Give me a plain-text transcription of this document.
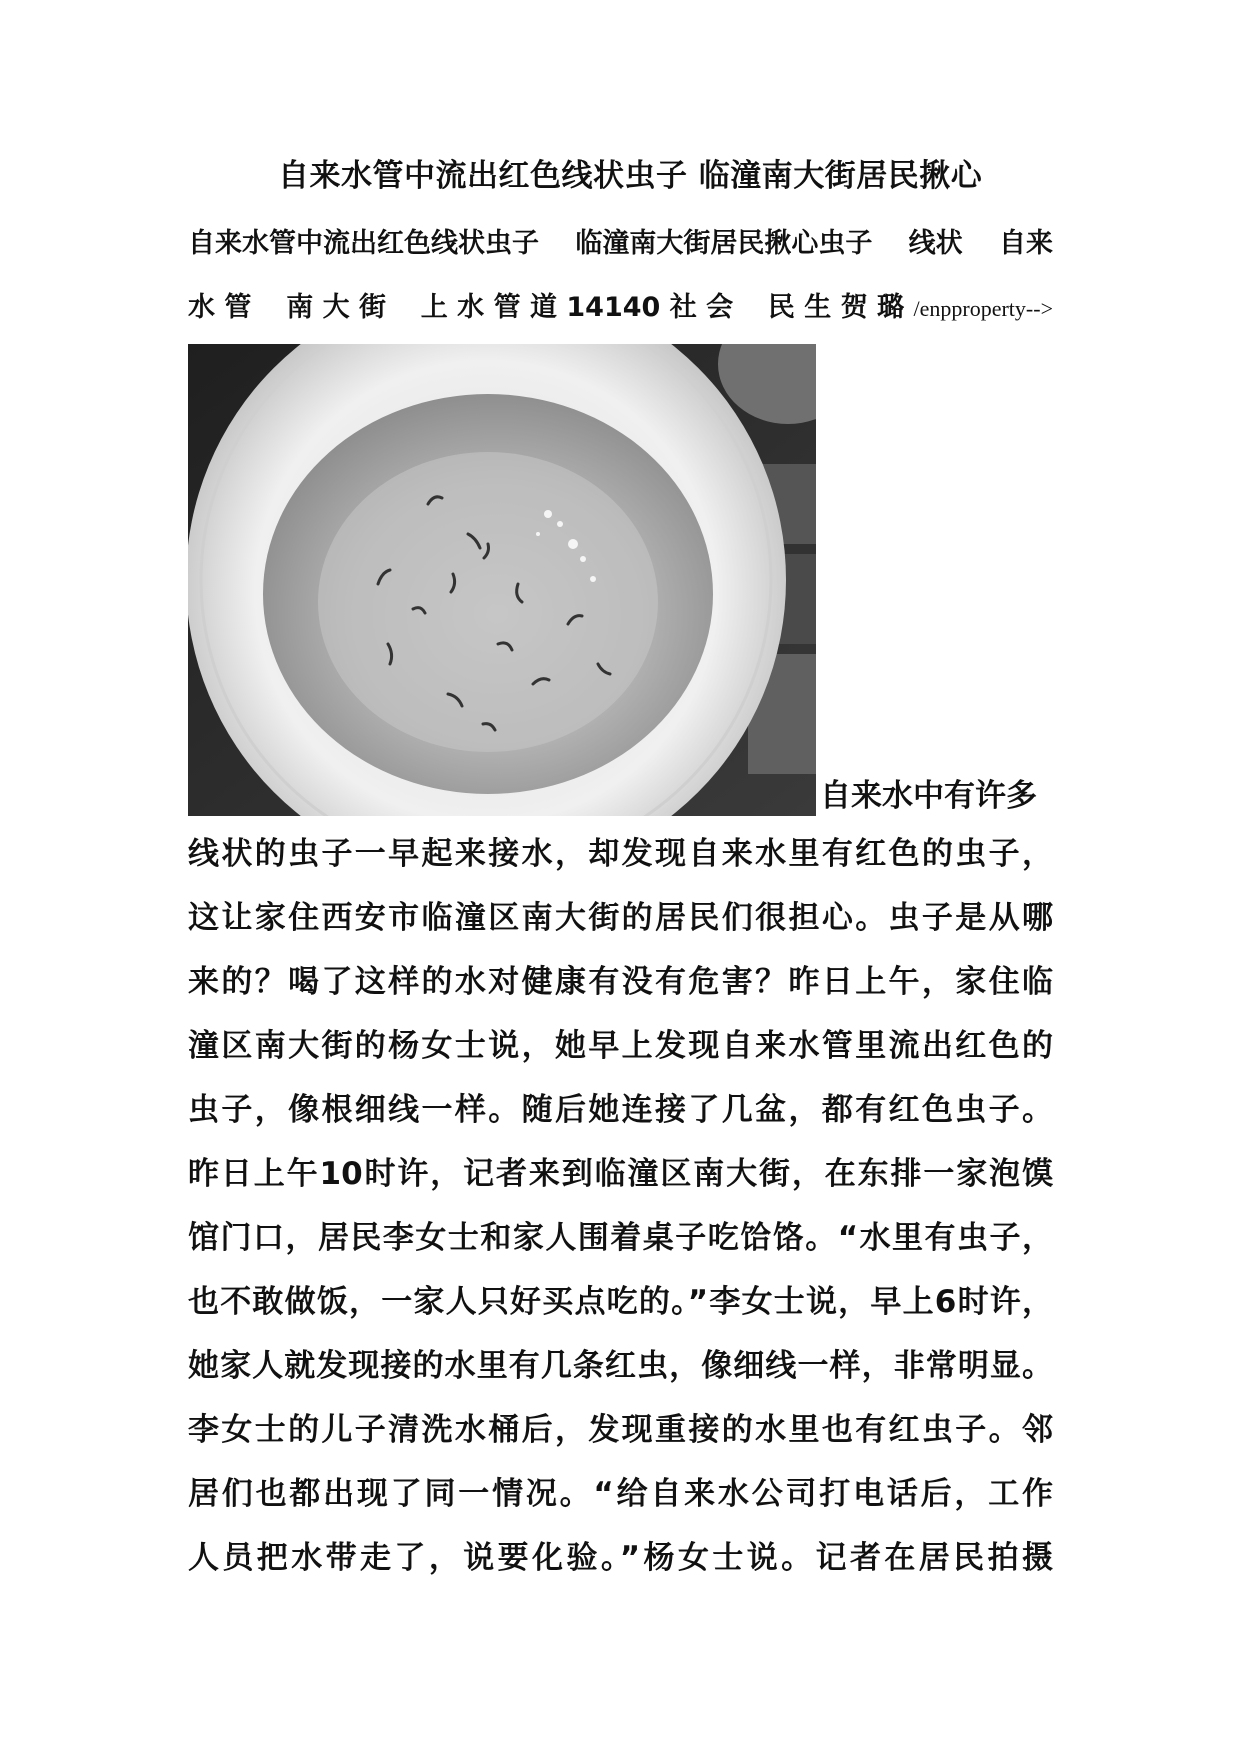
自来水管中流出红色线状虫子 临潼南大街居民揪心
自来水管中流出红色线状虫子 临潼南大街居民揪心虫子 线状 自来
水 管 南 大 街 上 水 管 道 14140 社 会 民 生 贺 璐 /enpproperty-->
自来水中有许多
线状的虫子一早起来接水，却发现自来水里有红色的虫子，
这让家住西安市临潼区南大街的居民们很担心。虫子是从哪
来的？喝了这样的水对健康有没有危害？昨日上午，家住临
潼区南大街的杨女士说，她早上发现自来水管里流出红色的
虫子，像根细线一样。随后她连接了几盆，都有红色虫子。
昨日上午10时许，记者来到临潼区南大街，在东排一家泡馍
馆门口，居民李女士和家人围着桌子吃饸饹。“水里有虫子，
也不敢做饭，一家人只好买点吃的。”李女士说，早上6时许，
她家人就发现接的水里有几条红虫，像细线一样，非常明显。
李女士的儿子清洗水桶后，发现重接的水里也有红虫子。邻
居们也都出现了同一情况。“给自来水公司打电话后，工作
人员把水带走了，说要化验。”杨女士说。记者在居民拍摄
